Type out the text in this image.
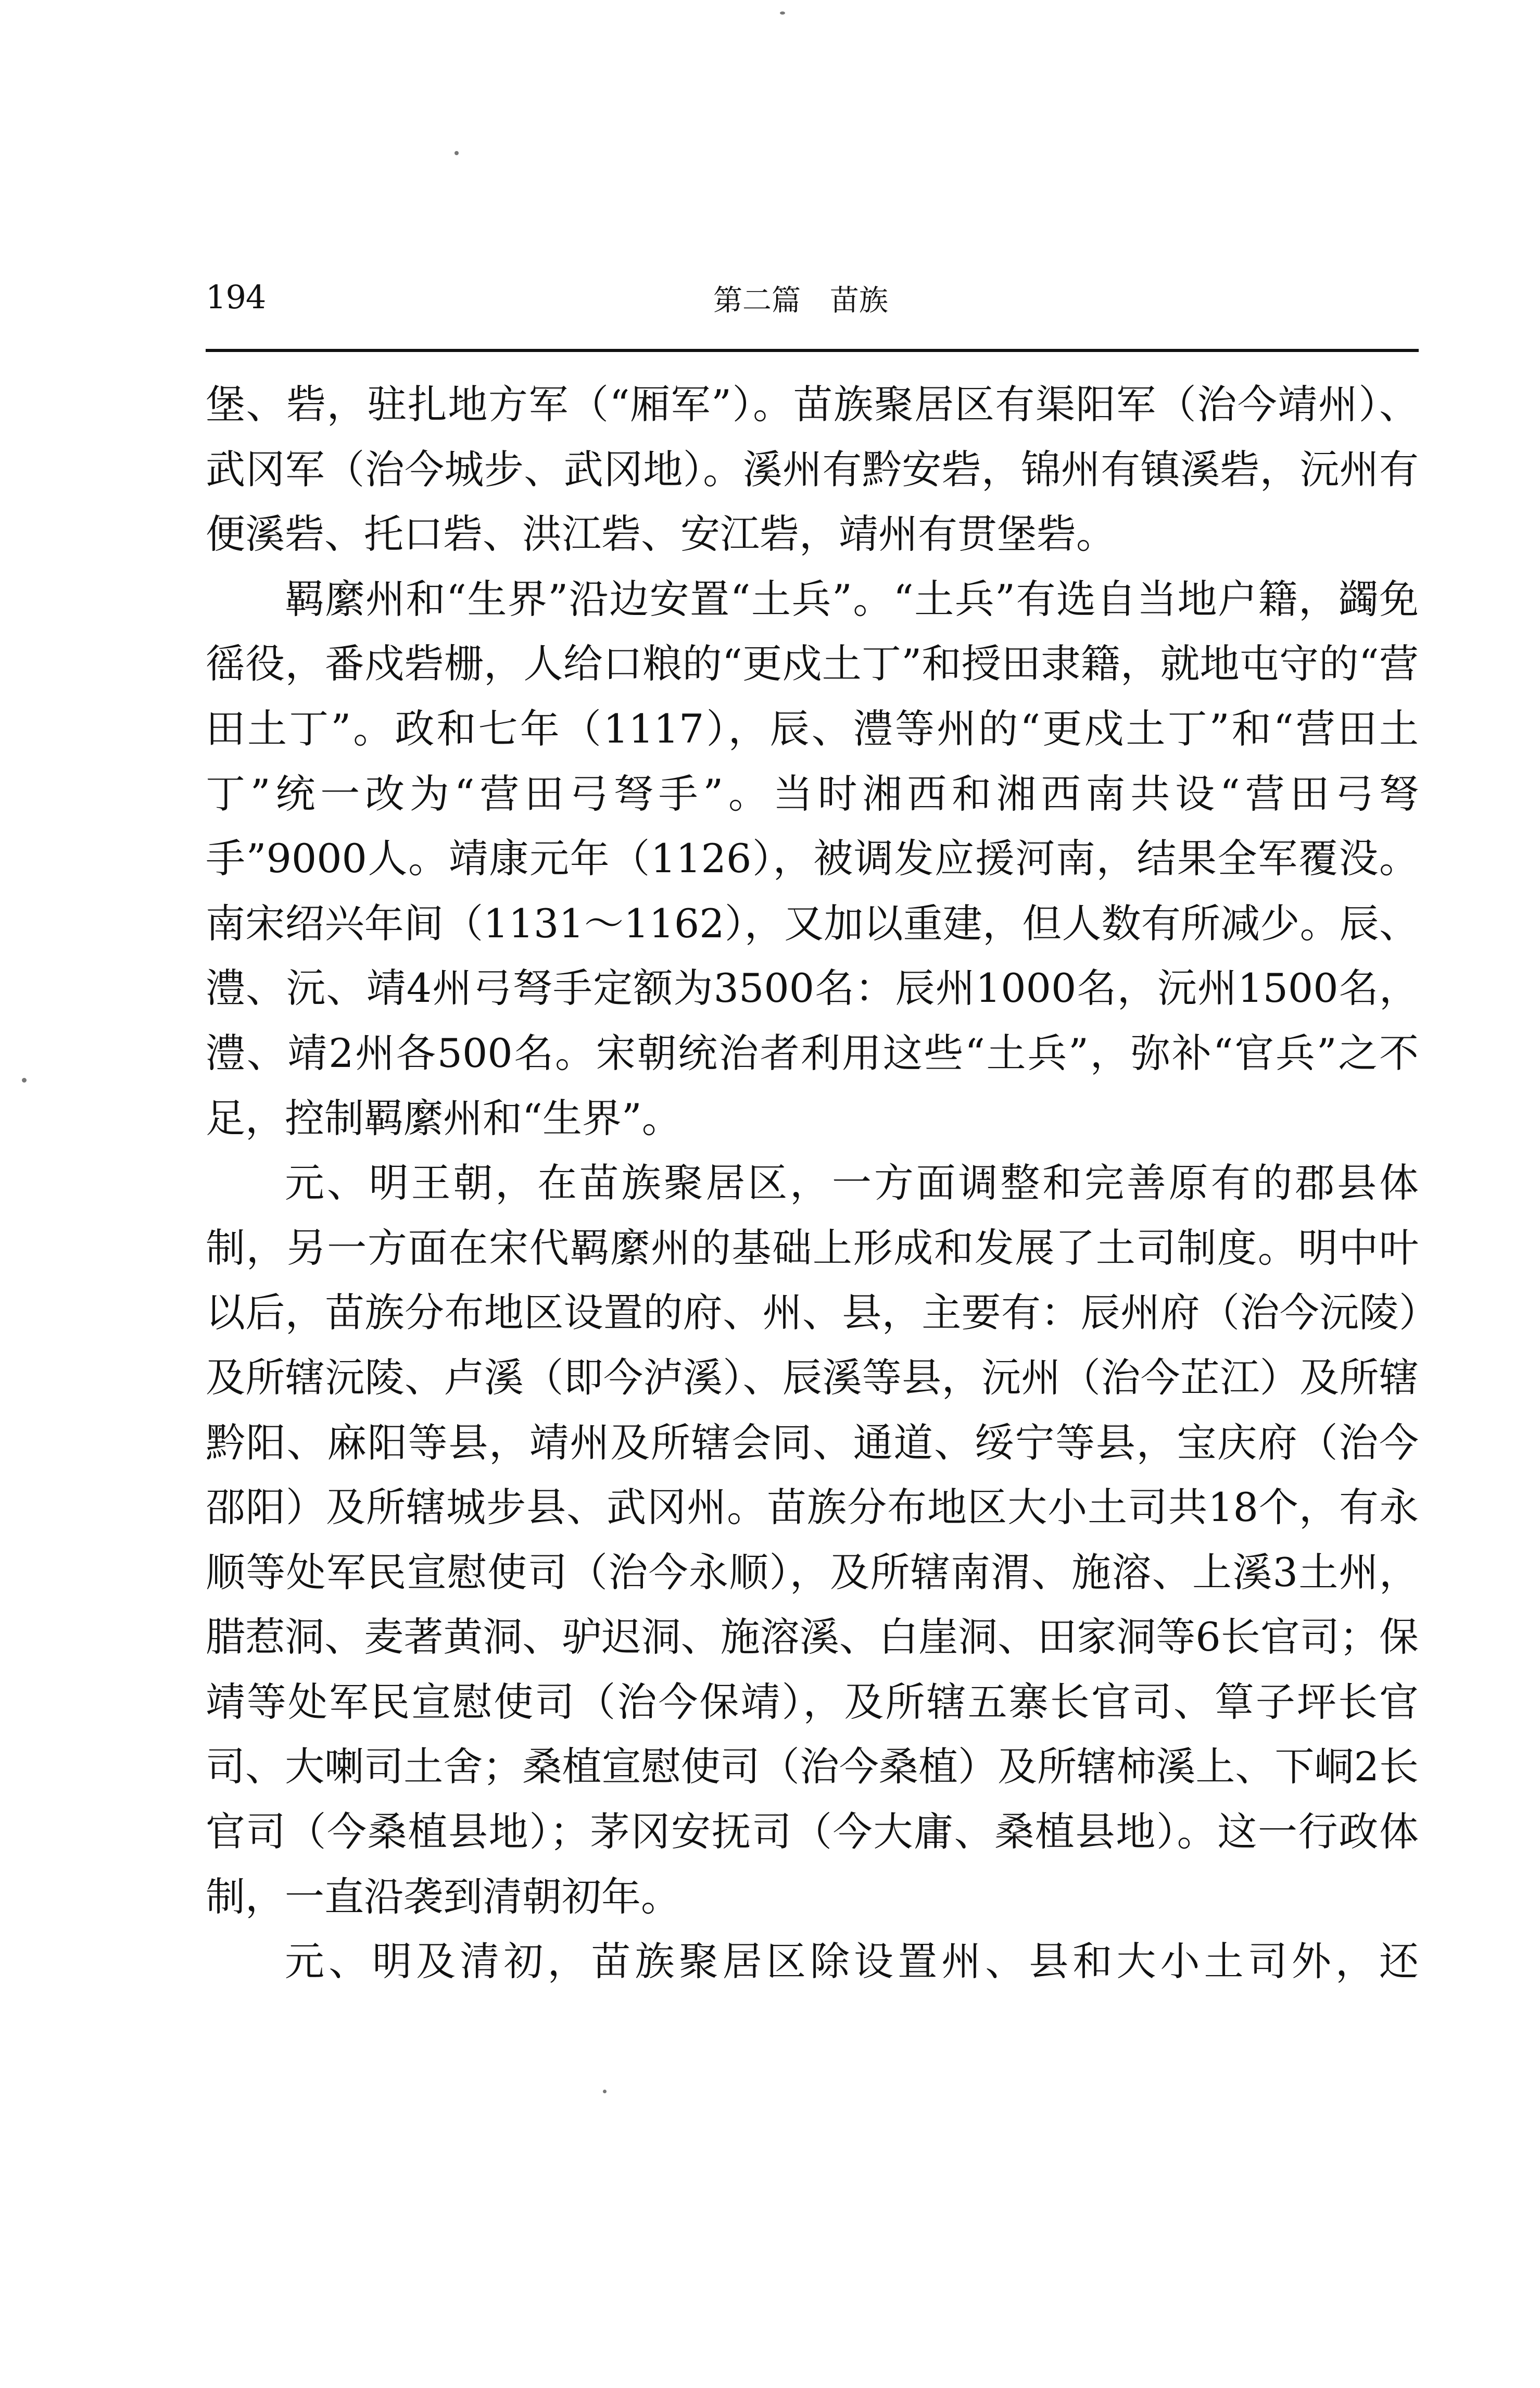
194	第二篇　苗族

堡、砦，驻扎地方军（“厢军”）。苗族聚居区有渠阳军（治今靖州）、武冈军（治今城步、武冈地）。溪州有黔安砦，锦州有镇溪砦，沅州有便溪砦、托口砦、洪江砦、安江砦，靖州有贯堡砦。

羁縻州和“生界”沿边安置“土兵”。“土兵”有选自当地户籍，蠲免徭役，番戍砦栅，人给口粮的“更戍土丁”和授田隶籍，就地屯守的“营田土丁”。政和七年（1117），辰、澧等州的“更戍土丁”和“营田土丁”统一改为“营田弓弩手”。当时湘西和湘西南共设“营田弓弩手”9000人。靖康元年（1126），被调发应援河南，结果全军覆没。南宋绍兴年间（1131～1162），又加以重建，但人数有所减少。辰、澧、沅、靖4州弓弩手定额为3500名：辰州1000名，沅州1500名，澧、靖2州各500名。宋朝统治者利用这些“土兵”，弥补“官兵”之不足，控制羁縻州和“生界”。

元、明王朝，在苗族聚居区，一方面调整和完善原有的郡县体制，另一方面在宋代羁縻州的基础上形成和发展了土司制度。明中叶以后，苗族分布地区设置的府、州、县，主要有：辰州府（治今沅陵）及所辖沅陵、卢溪（即今泸溪）、辰溪等县，沅州（治今芷江）及所辖黔阳、麻阳等县，靖州及所辖会同、通道、绥宁等县，宝庆府（治今邵阳）及所辖城步县、武冈州。苗族分布地区大小土司共18个，有永顺等处军民宣慰使司（治今永顺），及所辖南渭、施溶、上溪3土州，腊惹洞、麦著黄洞、驴迟洞、施溶溪、白崖洞、田家洞等6长官司；保靖等处军民宣慰使司（治今保靖），及所辖五寨长官司、筸子坪长官司、大喇司土舍；桑植宣慰使司（治今桑植）及所辖柿溪上、下峒2长官司（今桑植县地）；茅冈安抚司（今大庸、桑植县地）。这一行政体制，一直沿袭到清朝初年。

元、明及清初，苗族聚居区除设置州、县和大小土司外，还
